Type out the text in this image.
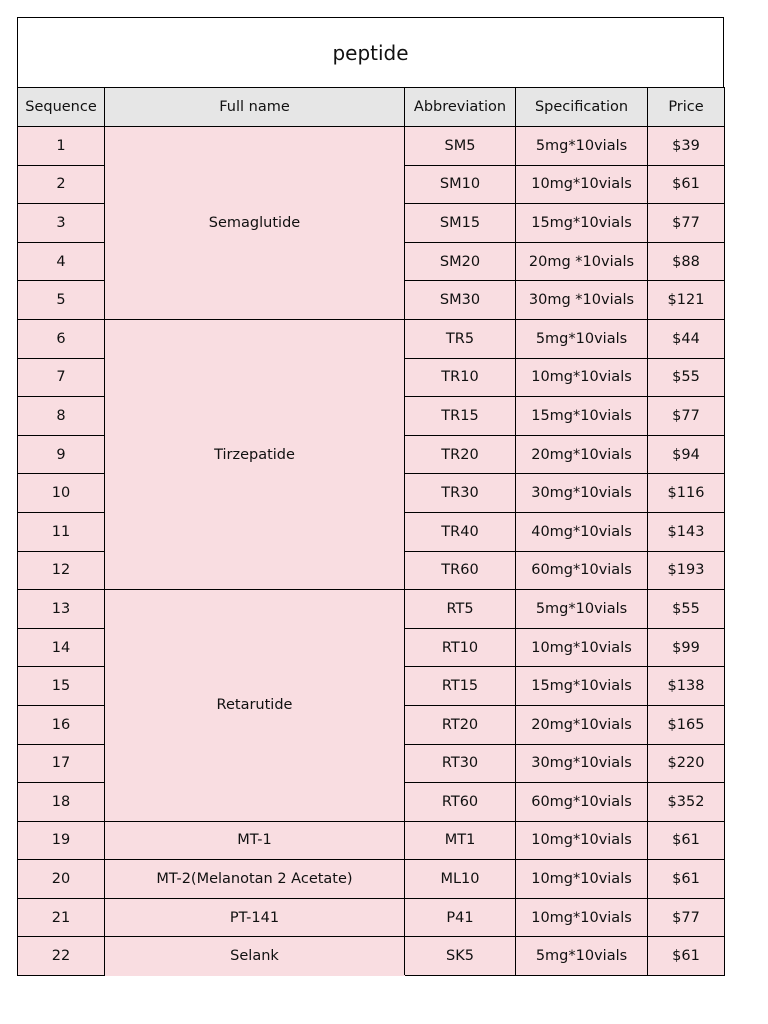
peptide
Sequence	Full name	Abbreviation	Specification	Price
1	Semaglutide	SM5	5mg*10vials	$39
2		SM10	10mg*10vials	$61
3		SM15	15mg*10vials	$77
4		SM20	20mg *10vials	$88
5		SM30	30mg *10vials	$121
6	Tirzepatide	TR5	5mg*10vials	$44
7		TR10	10mg*10vials	$55
8		TR15	15mg*10vials	$77
9		TR20	20mg*10vials	$94
10		TR30	30mg*10vials	$116
11		TR40	40mg*10vials	$143
12		TR60	60mg*10vials	$193
13	Retarutide	RT5	5mg*10vials	$55
14		RT10	10mg*10vials	$99
15		RT15	15mg*10vials	$138
16		RT20	20mg*10vials	$165
17		RT30	30mg*10vials	$220
18		RT60	60mg*10vials	$352
19	MT-1	MT1	10mg*10vials	$61
20	MT-2(Melanotan 2 Acetate)	ML10	10mg*10vials	$61
21	PT-141	P41	10mg*10vials	$77
22	Selank	SK5	5mg*10vials	$61
